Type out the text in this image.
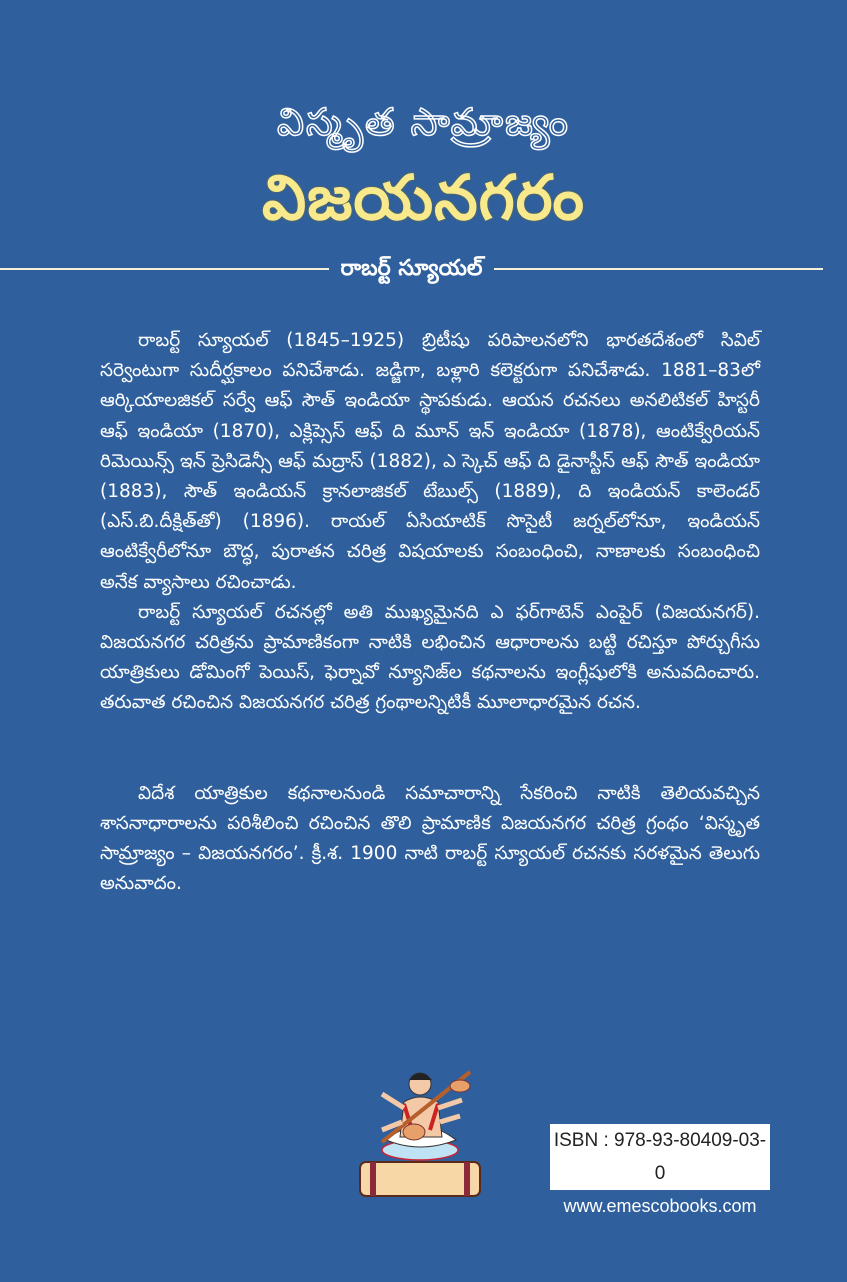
విస్మృత సామ్రాజ్యం
విజయనగరం
రాబర్ట్ స్యూయల్

రాబర్ట్ స్యూయల్ (1845–1925) బ్రిటీషు పరిపాలనలోని భారతదేశంలో సివిల్ సర్వెంటుగా సుదీర్ఘకాలం పనిచేశాడు. జడ్జిగా, బళ్లారి కలెక్టరుగా పనిచేశాడు. 1881–83లో ఆర్కియాలజికల్ సర్వే ఆఫ్ సౌత్ ఇండియా స్థాపకుడు. ఆయన రచనలు అనలిటికల్ హిస్టరీ ఆఫ్ ఇండియా (1870), ఎక్లిప్సెస్ ఆఫ్ ది మూన్ ఇన్ ఇండియా (1878), ఆంటిక్వేరియన్ రిమెయిన్స్ ఇన్ ప్రెసిడెన్సీ ఆఫ్ మద్రాస్ (1882), ఎ స్కెచ్ ఆఫ్ ది డైనాస్టీస్ ఆఫ్ సౌత్ ఇండియా (1883), సౌత్ ఇండియన్ క్రానలాజికల్ టేబుల్స్ (1889), ది ఇండియన్ కాలెండర్ (ఎస్.బి.దీక్షిత్‌తో) (1896). రాయల్ ఏసియాటిక్ సొసైటీ జర్నల్‌లోనూ, ఇండియన్ ఆంటిక్వేరీలోనూ బౌద్ధ, పురాతన చరిత్ర విషయాలకు సంబంధించి, నాణాలకు సంబంధించి అనేక వ్యాసాలు రచించాడు.

రాబర్ట్ స్యూయల్ రచనల్లో అతి ముఖ్యమైనది ఎ ఫర్‌గాటెన్ ఎంపైర్ (విజయనగర్). విజయనగర చరిత్రను ప్రామాణికంగా నాటికి లభించిన ఆధారాలను బట్టి రచిస్తూ పోర్చుగీసు యాత్రికులు డోమింగో పెయిస్, ఫెర్నావో న్యూనిజ్‌ల కథనాలను ఇంగ్లీషులోకి అనువదించారు. తరువాత రచించిన విజయనగర చరిత్ర గ్రంథాలన్నిటికీ మూలాధారమైన రచన.

విదేశ యాత్రికుల కథనాలనుండి సమాచారాన్ని సేకరించి నాటికి తెలియవచ్చిన శాసనాధారాలను పరిశీలించి రచించిన తొలి ప్రామాణిక విజయనగర చరిత్ర గ్రంథం ‘విస్మృత సామ్రాజ్యం – విజయనగరం’. క్రీ.శ. 1900 నాటి రాబర్ట్ స్యూయల్ రచనకు సరళమైన తెలుగు అనువాదం.

ISBN : 978-93-80409-03-0
www.emescobooks.com
